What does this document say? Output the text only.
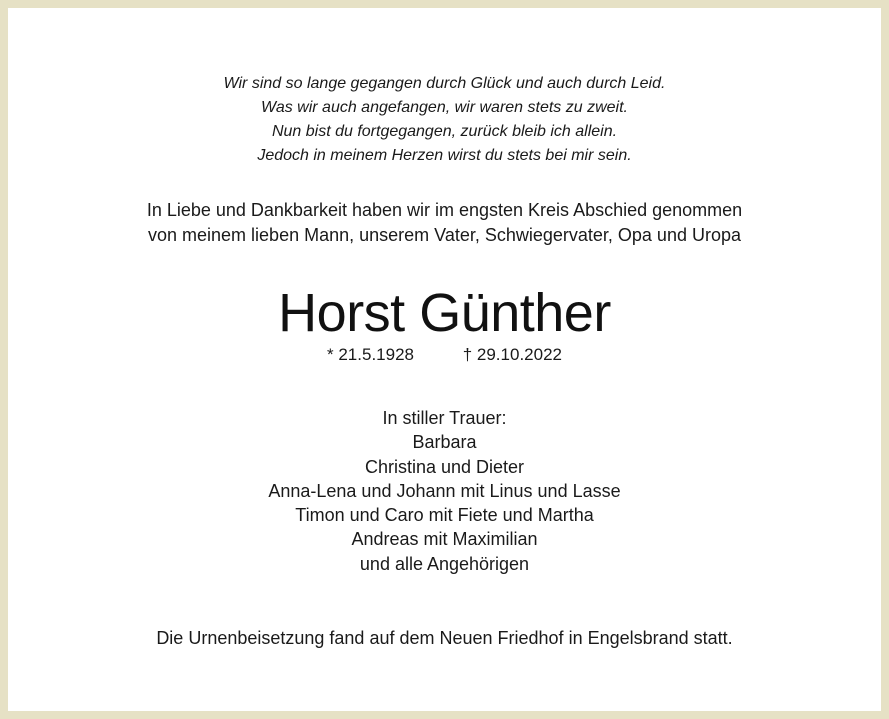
Wir sind so lange gegangen durch Glück und auch durch Leid.
Was wir auch angefangen, wir waren stets zu zweit.
Nun bist du fortgegangen, zurück bleib ich allein.
Jedoch in meinem Herzen wirst du stets bei mir sein.
In Liebe und Dankbarkeit haben wir im engsten Kreis Abschied genommen
von meinem lieben Mann, unserem Vater, Schwiegervater, Opa und Uropa
Horst Günther
* 21.5.1928	† 29.10.2022
In stiller Trauer:
Barbara
Christina und Dieter
Anna-Lena und Johann mit Linus und Lasse
Timon und Caro mit Fiete und Martha
Andreas mit Maximilian
und alle Angehörigen
Die Urnenbeisetzung fand auf dem Neuen Friedhof in Engelsbrand statt.
